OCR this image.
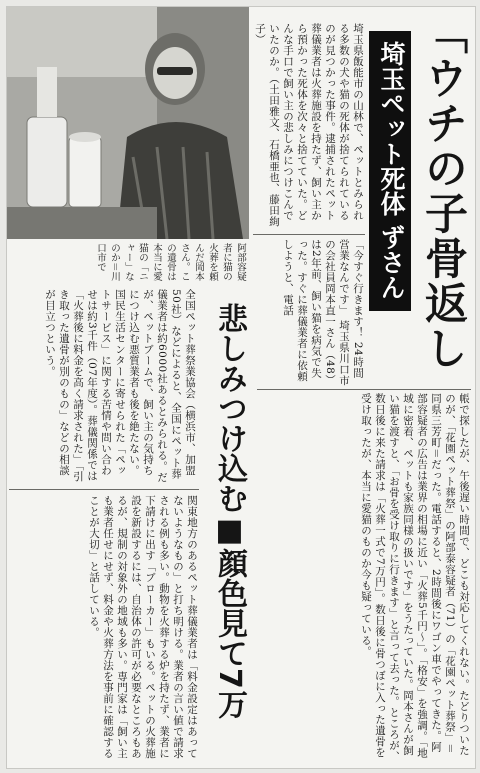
阿部容疑者に猫の火葬を頼んだ岡本さん。この遺骨は本当に愛猫の「ニャー」なのか＝川口市で
「ウチの子骨返し
埼玉ペット死体 ずさん
埼玉県飯能市の山林で、ペットとみられる多数の犬や猫の死体が捨てられているのが見つかった事件。逮捕されたペット葬儀業者は火葬施設を持たず、飼い主から預かった死体を次々と捨てていた。どんな手口で飼い主の悲しみにつけこんでいたのか。（土田雅文、石橋亜也、藤田絢子）
「今すぐ行きます！ 24時間営業なんです」 埼玉県川口市の会社員岡本直一さん（48）は2年前、飼い猫を病気で失った。すぐに葬儀業者に依頼しようと、電話
帳で探したが、午後遅い時間で、どこも対応してくれない。たどりついたのが、「花園ペット葬祭」の阿部泰容疑者（71）の「花園ペット葬祭」＝同県三芳町＝だった。電話すると、2時間後にワゴン車でやってきた。阿部容疑者の広告は業界の相場に近い「火葬5千円～」。「格安」を強調。「地域に密着、ペットも家族同様の扱いです」をうたっていた。岡本さんが飼い猫を渡すと、「お骨を受け取りに行きます」と言って去った。ところが、数日後に来た請求は「火葬一式で7万円」。数日後に骨つぼに入った遺骨を受け取ったが、本当に愛猫のものか今も疑っている。
悲しみつけ込む■顔色見て7万
全国ペット葬祭業協会（横浜市、加盟50社）などによると、全国にペット葬儀業者は約6000社あるとみられる。だが、ペットブームで、飼い主の気持ちにつけ込む悪質業者も後を絶たない。国民生活センターに寄せられた「ペットサービス」に関する苦情や問い合わせは約3千件（07年度）。葬儀関係では「火葬後に料金を高く請求された」「引き取った遺骨が別のもの」などの相談が目立つという。
関東地方のあるペット葬儀業者は「料金設定はあってないようなもの」と打ち明ける。業者の言い値で請求される例も多い。動物を火葬する炉を持たず、業者に下請けに出す「ブローカー」もいる。ペットの火葬施設を新設するには、自治体の許可が必要なところもあるが、規制の対象外の地域も多い。専門家は「飼い主も業者任せにせず、料金や火葬方法を事前に確認することが大切」と話している。
